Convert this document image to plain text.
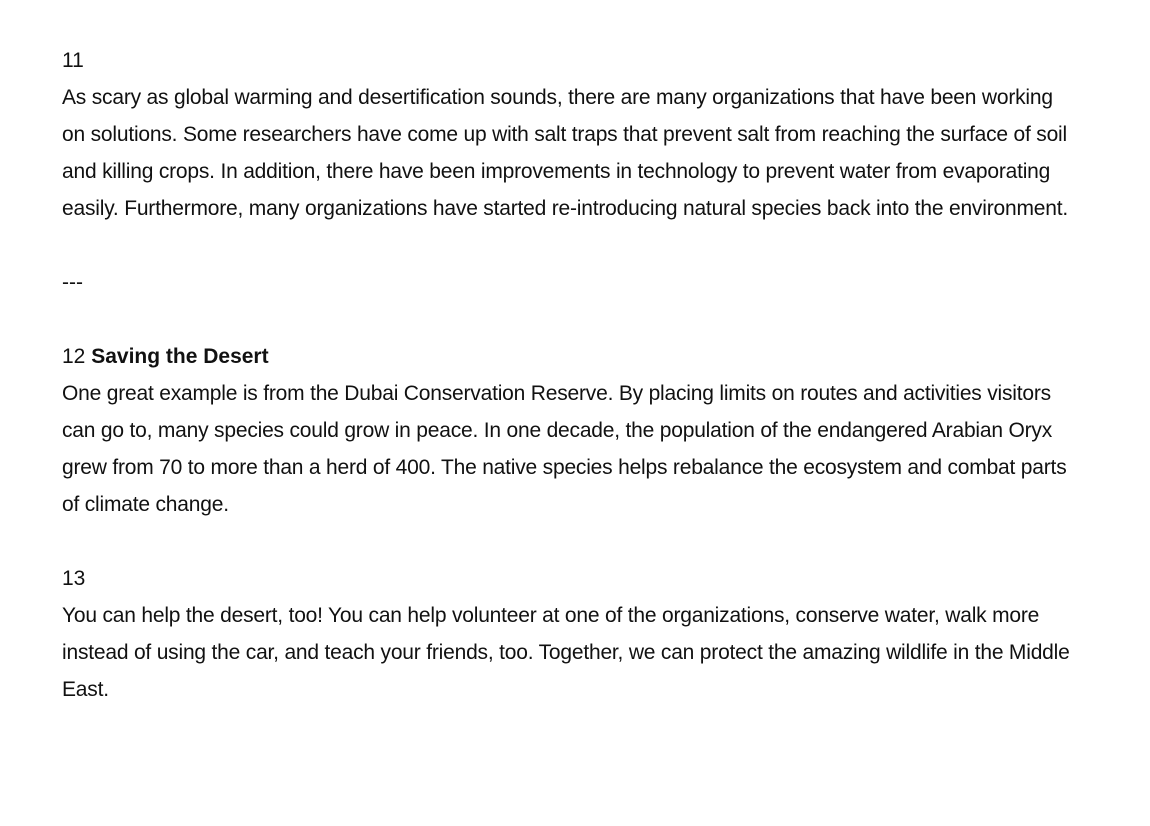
11

As scary as global warming and desertification sounds, there are many organizations that have been working on solutions. Some researchers have come up with salt traps that prevent salt from reaching the surface of soil and killing crops. In addition, there have been improvements in technology to prevent water from evaporating easily. Furthermore, many organizations have started re-introducing natural species back into the environment.

---

12 Saving the Desert

One great example is from the Dubai Conservation Reserve. By placing limits on routes and activities visitors can go to, many species could grow in peace. In one decade, the population of the endangered Arabian Oryx grew from 70 to more than a herd of 400. The native species helps rebalance the ecosystem and combat parts of climate change.

13

You can help the desert, too! You can help volunteer at one of the organizations, conserve water, walk more instead of using the car, and teach your friends, too. Together, we can protect the amazing wildlife in the Middle East.
